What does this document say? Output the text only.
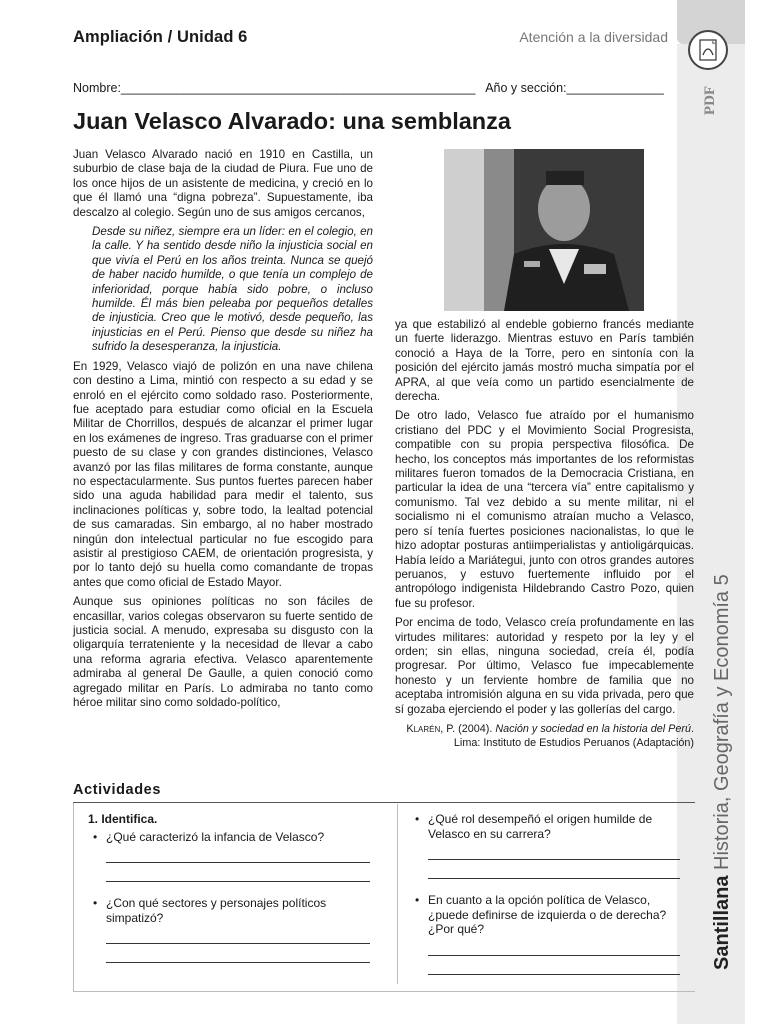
Ampliación / Unidad 6	Atención a la diversidad
PDF
Santillana Historia, Geografía y Economía 5
Nombre:___________________________________________________ Año y sección:______________
Juan Velasco Alvarado: una semblanza

Juan Velasco Alvarado nació en 1910 en Castilla, un suburbio de clase baja de la ciudad de Piura. Fue uno de los once hijos de un asistente de medicina, y creció en lo que él llamó una “digna pobreza”. Supuestamente, iba descalzo al colegio. Según uno de sus amigos cercanos,

Desde su niñez, siempre era un líder: en el colegio, en la calle. Y ha sentido desde niño la injusticia social en que vivía el Perú en los años treinta. Nunca se quejó de haber nacido humilde, o que tenía un complejo de inferioridad, porque había sido pobre, o incluso humilde. Él más bien peleaba por pequeños detalles de injusticia. Creo que le motivó, desde pequeño, las injusticias en el Perú. Pienso que desde su niñez ha sufrido la desesperanza, la injusticia.

En 1929, Velasco viajó de polizón en una nave chilena con destino a Lima, mintió con respecto a su edad y se enroló en el ejército como soldado raso. Posteriormente, fue aceptado para estudiar como oficial en la Escuela Militar de Chorrillos, después de alcanzar el primer lugar en los exámenes de ingreso. Tras graduarse con el primer puesto de su clase y con grandes distinciones, Velasco avanzó por las filas militares de forma constante, aunque no espectacularmente. Sus puntos fuertes parecen haber sido una aguda habilidad para medir el talento, sus inclinaciones políticas y, sobre todo, la lealtad potencial de sus camaradas. Sin embargo, al no haber mostrado ningún don intelectual particular no fue escogido para asistir al prestigioso CAEM, de orientación progresista, y por lo tanto dejó su huella como comandante de tropas antes que como oficial de Estado Mayor.

Aunque sus opiniones políticas no son fáciles de encasillar, varios colegas observaron su fuerte sentido de justicia social. A menudo, expresaba su disgusto con la oligarquía terrateniente y la necesidad de llevar a cabo una reforma agraria efectiva. Velasco aparentemente admiraba al general De Gaulle, a quien conoció como agregado militar en París. Lo admiraba no tanto como héroe militar sino como soldado-político,

ya que estabilizó al endeble gobierno francés mediante un fuerte liderazgo. Mientras estuvo en París también conoció a Haya de la Torre, pero en sintonía con la posición del ejército jamás mostró mucha simpatía por el APRA, al que veía como un partido esencialmente de derecha.

De otro lado, Velasco fue atraído por el humanismo cristiano del PDC y el Movimiento Social Progresista, compatible con su propia perspectiva filosófica. De hecho, los conceptos más importantes de los reformistas militares fueron tomados de la Democracia Cristiana, en particular la idea de una “tercera vía” entre capitalismo y comunismo. Tal vez debido a su mente militar, ni el socialismo ni el comunismo atraían mucho a Velasco, pero sí tenía fuertes posiciones nacionalistas, lo que le hizo adoptar posturas antiimperialistas y antioligárquicas. Había leído a Mariátegui, junto con otros grandes autores peruanos, y estuvo fuertemente influido por el antropólogo indigenista Hildebrando Castro Pozo, quien fue su profesor.

Por encima de todo, Velasco creía profundamente en las virtudes militares: autoridad y respeto por la ley y el orden; sin ellas, ninguna sociedad, creía él, podía progresar. Por último, Velasco fue impecablemente honesto y un ferviente hombre de familia que no aceptaba intromisión alguna en su vida privada, pero que sí gozaba ejerciendo el poder y las gollerías del cargo.

Klarén, P. (2004). Nación y sociedad en la historia del Perú. Lima: Instituto de Estudios Peruanos (Adaptación)
Actividades
1. Identifica.
• ¿Qué caracterizó la infancia de Velasco?
• ¿Con qué sectores y personajes políticos simpatizó?
• ¿Qué rol desempeñó el origen humilde de Velasco en su carrera?
• En cuanto a la opción política de Velasco, ¿puede definirse de izquierda o de derecha? ¿Por qué?
